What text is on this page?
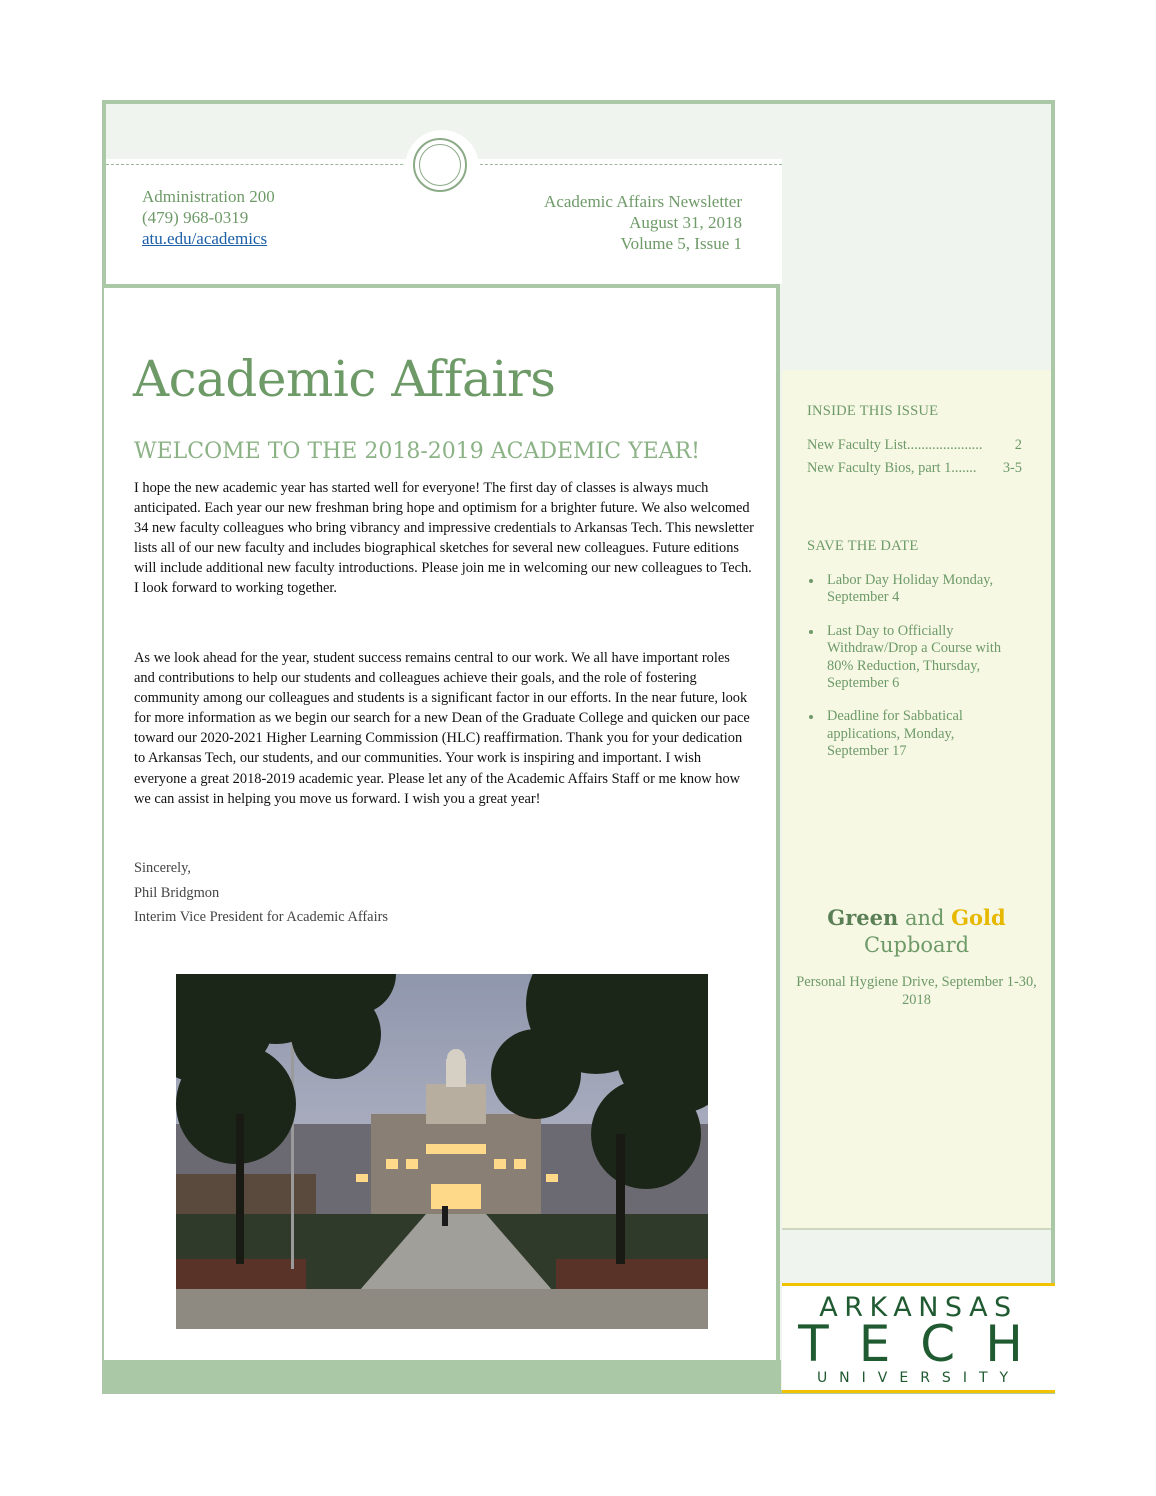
Administration 200
(479) 968-0319
atu.edu/academics
Academic Affairs Newsletter
August 31, 2018
Volume 5, Issue 1
Academic Affairs
WELCOME TO THE 2018-2019 ACADEMIC YEAR!

I hope the new academic year has started well for everyone! The first day of classes is always much anticipated. Each year our new freshman bring hope and optimism for a brighter future. We also welcomed 34 new faculty colleagues who bring vibrancy and impressive credentials to Arkansas Tech. This newsletter lists all of our new faculty and includes biographical sketches for several new colleagues. Future editions will include additional new faculty introductions. Please join me in welcoming our new colleagues to Tech. I look forward to working together.

As we look ahead for the year, student success remains central to our work. We all have important roles and contributions to help our students and colleagues achieve their goals, and the role of fostering community among our colleagues and students is a significant factor in our efforts. In the near future, look for more information as we begin our search for a new Dean of the Graduate College and quicken our pace toward our 2020-2021 Higher Learning Commission (HLC) reaffirmation. Thank you for your dedication to Arkansas Tech, our students, and our communities. Your work is inspiring and important. I wish everyone a great 2018-2019 academic year. Please let any of the Academic Affairs Staff or me know how we can assist in helping you move us forward. I wish you a great year!

Sincerely,
Phil Bridgmon
Interim Vice President for Academic Affairs
INSIDE THIS ISSUE
New Faculty List .....................	2
New Faculty Bios, part 1 .......	3-5
SAVE THE DATE
Labor Day Holiday Monday, September 4
Last Day to Officially Withdraw/Drop a Course with 80% Reduction, Thursday, September 6
Deadline for Sabbatical applications, Monday, September 17
Green and Gold
Cupboard
Personal Hygiene Drive, September 1-30, 2018
ARKANSAS
TECH
UNIVERSITY
